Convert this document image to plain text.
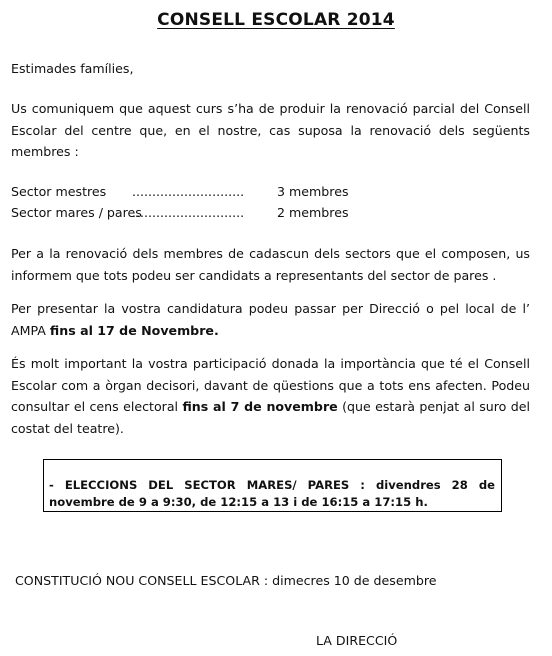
CONSELL ESCOLAR 2014

Estimades famílies,

Us comuniquem que aquest curs s’ha de produir la renovació parcial del Consell Escolar del centre que, en el nostre, cas suposa la renovació dels següents membres :

Sector mestres ............................	3 membres
Sector mares / pares
............................	2 membres

Per a la renovació dels membres de cadascun dels sectors que el composen, us informem que tots podeu ser candidats a representants del sector de pares .

Per presentar la vostra candidatura podeu passar per Direcció o pel local de l’ AMPA fins al 17 de Novembre.

És molt important la vostra participació donada la importància que té el Consell Escolar com a òrgan decisori, davant de qüestions que a tots ens afecten. Podeu consultar el cens electoral fins al 7 de novembre (que estarà penjat al suro del costat del teatre).

- ELECCIONS DEL SECTOR MARES/ PARES : divendres 28 de novembre de 9 a 9:30, de 12:15 a 13 i de 16:15 a 17:15 h.
CONSTITUCIÓ NOU CONSELL ESCOLAR : dimecres 10 de desembre
LA DIRECCIÓ
